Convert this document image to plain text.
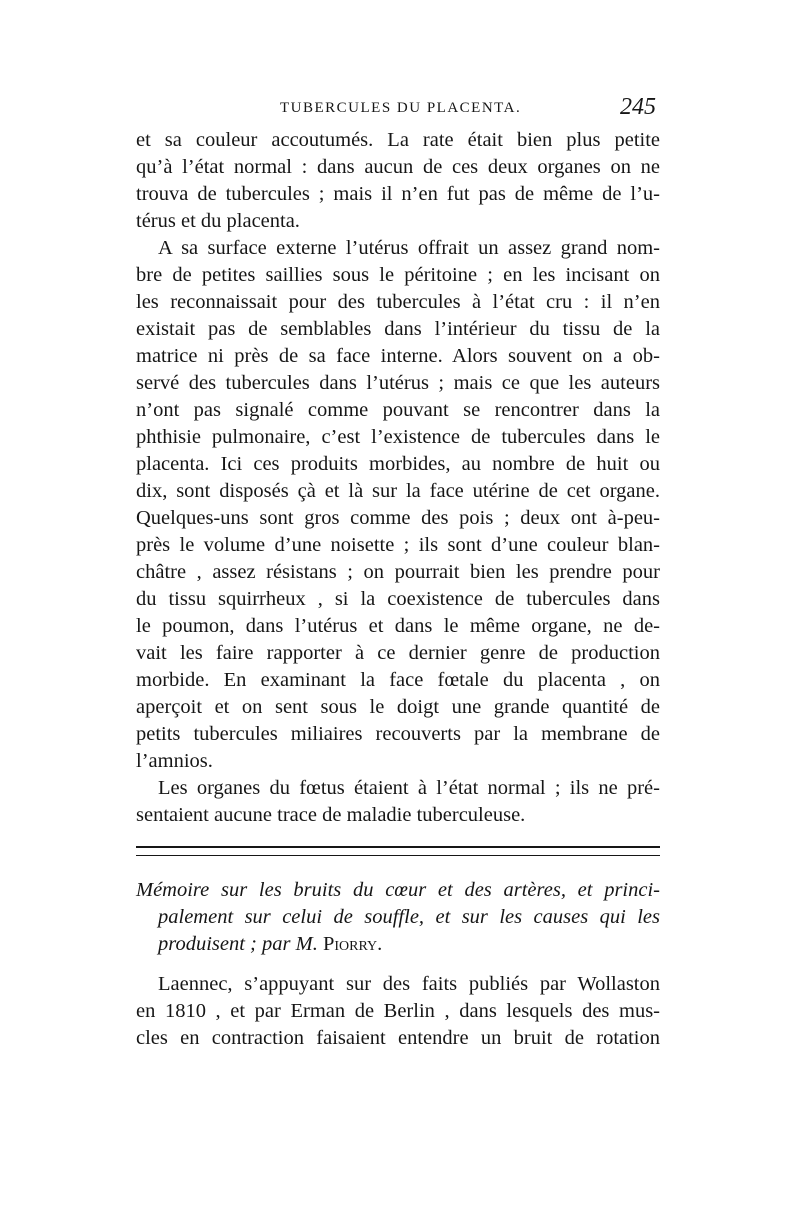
TUBERCULES DU PLACENTA.	245
et sa couleur accoutumés. La rate était bien plus petite
qu’à l’état normal : dans aucun de ces deux organes on ne
trouva de tubercules ; mais il n’en fut pas de même de l’u-
térus et du placenta.
A sa surface externe l’utérus offrait un assez grand nom-
bre de petites saillies sous le péritoine ; en les incisant on
les reconnaissait pour des tubercules à l’état cru : il n’en
existait pas de semblables dans l’intérieur du tissu de la
matrice ni près de sa face interne. Alors souvent on a ob-
servé des tubercules dans l’utérus ; mais ce que les auteurs
n’ont pas signalé comme pouvant se rencontrer dans la
phthisie pulmonaire, c’est l’existence de tubercules dans le
placenta. Ici ces produits morbides, au nombre de huit ou
dix, sont disposés çà et là sur la face utérine de cet organe.
Quelques-uns sont gros comme des pois ; deux ont à-peu-
près le volume d’une noisette ; ils sont d’une couleur blan-
châtre , assez résistans ; on pourrait bien les prendre pour
du tissu squirrheux , si la coexistence de tubercules dans
le poumon, dans l’utérus et dans le même organe, ne de-
vait les faire rapporter à ce dernier genre de production
morbide. En examinant la face fœtale du placenta , on
aperçoit et on sent sous le doigt une grande quantité de
petits tubercules miliaires recouverts par la membrane de
l’amnios.
Les organes du fœtus étaient à l’état normal ; ils ne pré-
sentaient aucune trace de maladie tuberculeuse.
Mémoire sur les bruits du cœur et des artères, et princi-
palement sur celui de souffle, et sur les causes qui les
produisent ; par M. Piorry.
Laennec, s’appuyant sur des faits publiés par Wollaston
en 1810 , et par Erman de Berlin , dans lesquels des mus-
cles en contraction faisaient entendre un bruit de rotation
